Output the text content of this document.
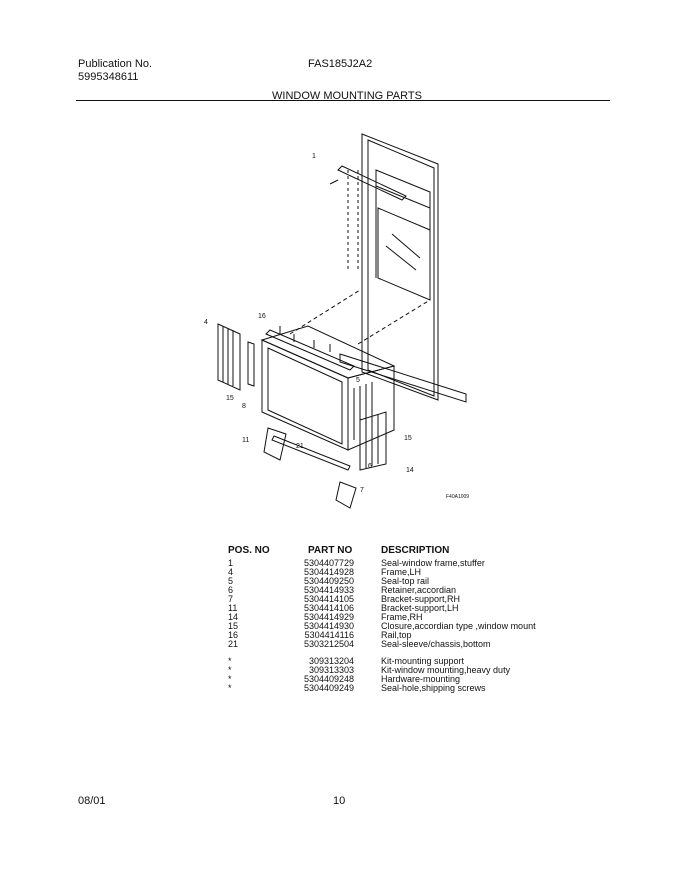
Publication No.
5995348611
FAS185J2A2
WINDOW MOUNTING PARTS
1
4
16
5
8
15
11
21
6
7
15
14
F40A1009
POS. NO	PART NO	DESCRIPTION
1	5304407729	Seal-window frame,stuffer
4	5304414928	Frame,LH
5	5304409250	Seal-top rail
6	5304414933	Retainer,accordian
7	5304414105	Bracket-support,RH
11	5304414106	Bracket-support,LH
14	5304414929	Frame,RH
15	5304414930	Closure,accordian type ,window mount
16	5304414116	Rail,top
21	5303212504	Seal-sleeve/chassis,bottom
*	309313204	Kit-mounting support
*	309313303	Kit-window mounting,heavy duty
*	5304409248	Hardware-mounting
*	5304409249	Seal-hole,shipping screws
08/01	10
